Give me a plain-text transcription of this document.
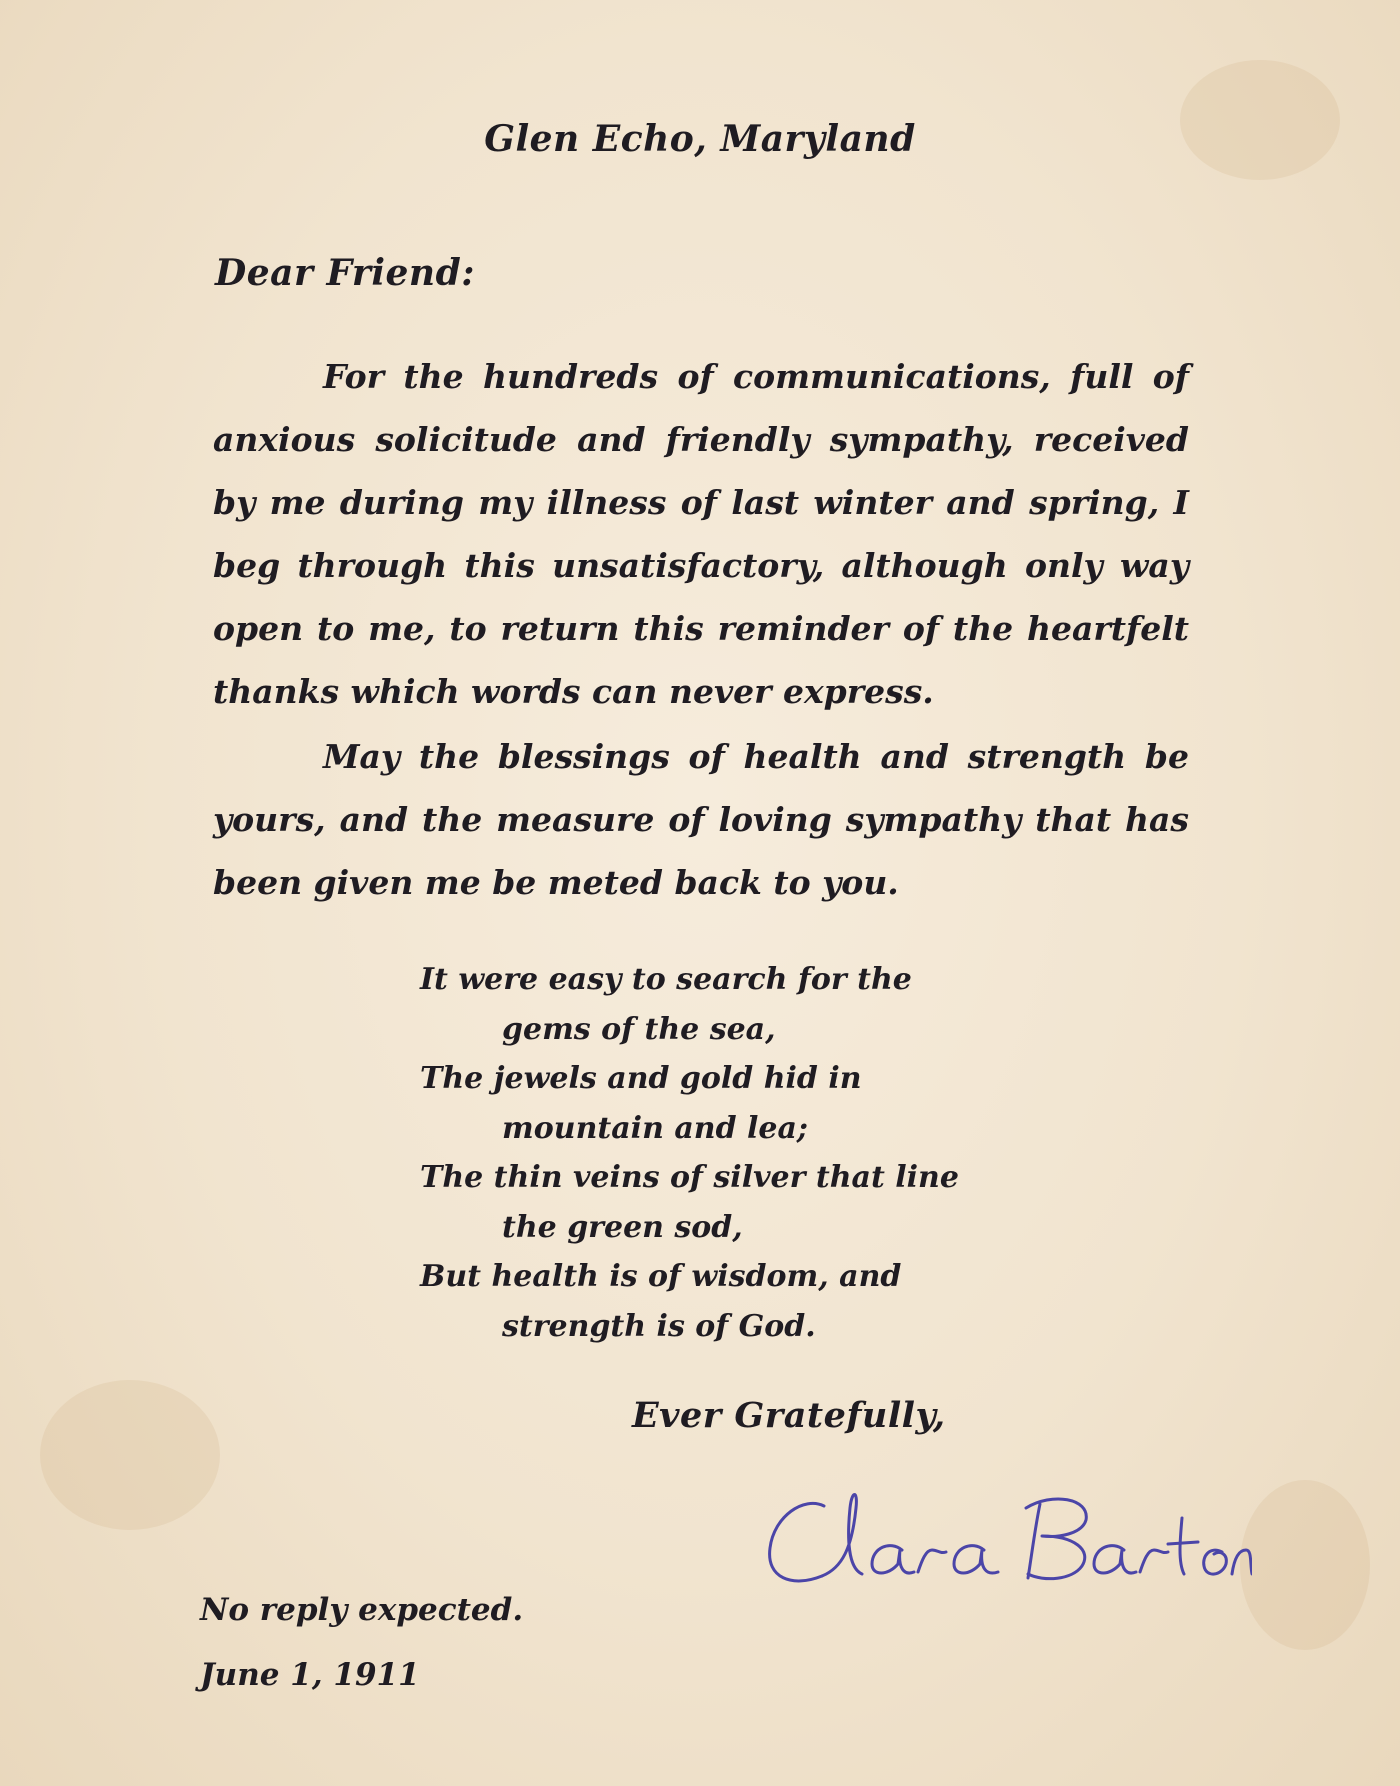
Glen Echo, Maryland
Dear Friend:

For the hundreds of communications, full of anxious solicitude and friendly sympathy, received by me during my illness of last winter and spring, I beg through this unsatisfactory, although only way open to me, to return this reminder of the heartfelt thanks which words can never express.

May the blessings of health and strength be yours, and the measure of loving sympathy that has been given me be meted back to you.

It were easy to search for the
gems of the sea,
The jewels and gold hid in
mountain and lea;
The thin veins of silver that line
the green sod,
But health is of wisdom, and
strength is of God.
Ever Gratefully,
No reply expected.
June 1, 1911
